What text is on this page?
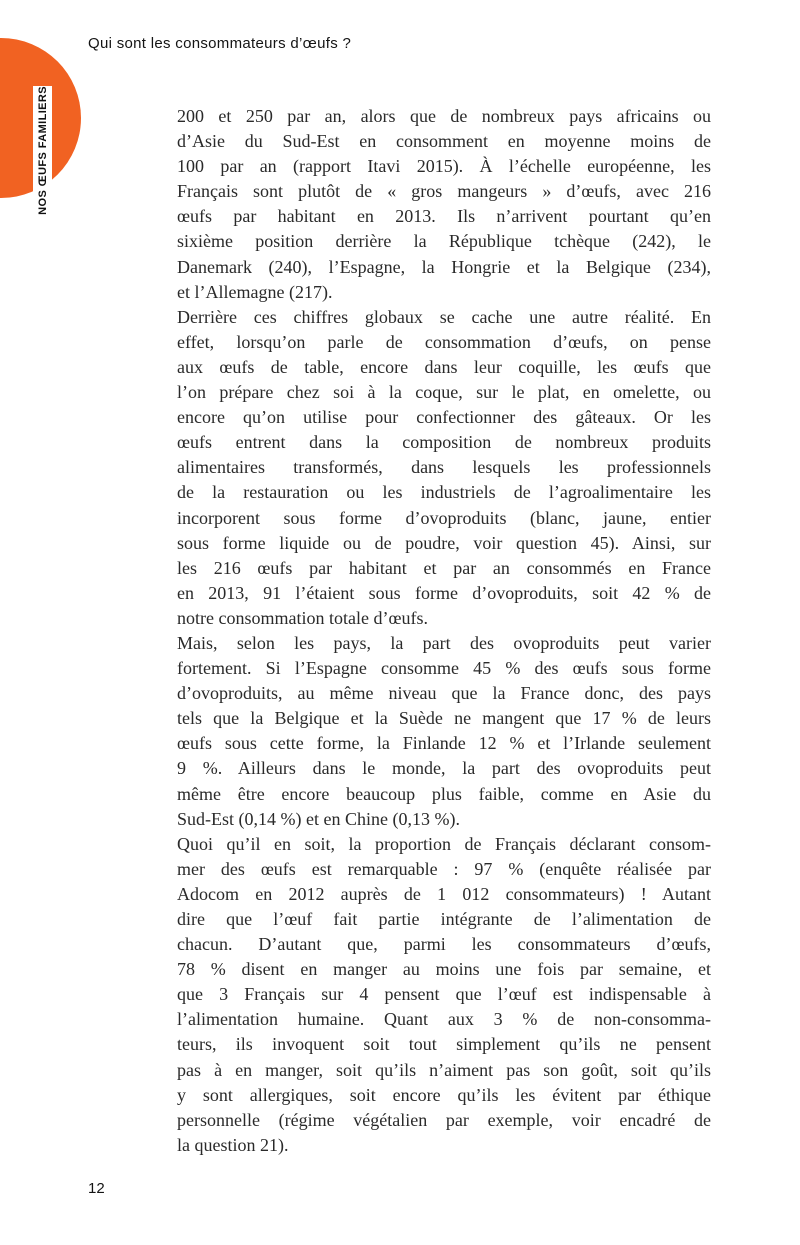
NOS ŒUFS FAMILIERS
Qui sont les consommateurs d’œufs ?

200 et 250 par an, alors que de nombreux pays africains ou
d’Asie du Sud-Est en consomment en moyenne moins de
100 par an (rapport Itavi 2015). À l’échelle européenne, les
Français sont plutôt de « gros mangeurs » d’œufs, avec 216
œufs par habitant en 2013. Ils n’arrivent pourtant qu’en
sixième position derrière la République tchèque (242), le
Danemark (240), l’Espagne, la Hongrie et la Belgique (234),
et l’Allemagne (217).

Derrière ces chiffres globaux se cache une autre réalité. En
effet, lorsqu’on parle de consommation d’œufs, on pense
aux œufs de table, encore dans leur coquille, les œufs que
l’on prépare chez soi à la coque, sur le plat, en omelette, ou
encore qu’on utilise pour confectionner des gâteaux. Or les
œufs entrent dans la composition de nombreux produits
alimentaires transformés, dans lesquels les professionnels
de la restauration ou les industriels de l’agroalimentaire les
incorporent sous forme d’ovoproduits (blanc, jaune, entier
sous forme liquide ou de poudre, voir question 45). Ainsi, sur
les 216 œufs par habitant et par an consommés en France
en 2013, 91 l’étaient sous forme d’ovoproduits, soit 42 % de
notre consommation totale d’œufs.

Mais, selon les pays, la part des ovoproduits peut varier
fortement. Si l’Espagne consomme 45 % des œufs sous forme
d’ovoproduits, au même niveau que la France donc, des pays
tels que la Belgique et la Suède ne mangent que 17 % de leurs
œufs sous cette forme, la Finlande 12 % et l’Irlande seulement
9 %. Ailleurs dans le monde, la part des ovoproduits peut
même être encore beaucoup plus faible, comme en Asie du
Sud-Est (0,14 %) et en Chine (0,13 %).

Quoi qu’il en soit, la proportion de Français déclarant consom-
mer des œufs est remarquable : 97 % (enquête réalisée par
Adocom en 2012 auprès de 1 012 consommateurs) ! Autant
dire que l’œuf fait partie intégrante de l’alimentation de
chacun. D’autant que, parmi les consommateurs d’œufs,
78 % disent en manger au moins une fois par semaine, et
que 3 Français sur 4 pensent que l’œuf est indispensable à
l’alimentation humaine. Quant aux 3 % de non-consomma-
teurs, ils invoquent soit tout simplement qu’ils ne pensent
pas à en manger, soit qu’ils n’aiment pas son goût, soit qu’ils
y sont allergiques, soit encore qu’ils les évitent par éthique
personnelle (régime végétalien par exemple, voir encadré de
la question 21).

12
